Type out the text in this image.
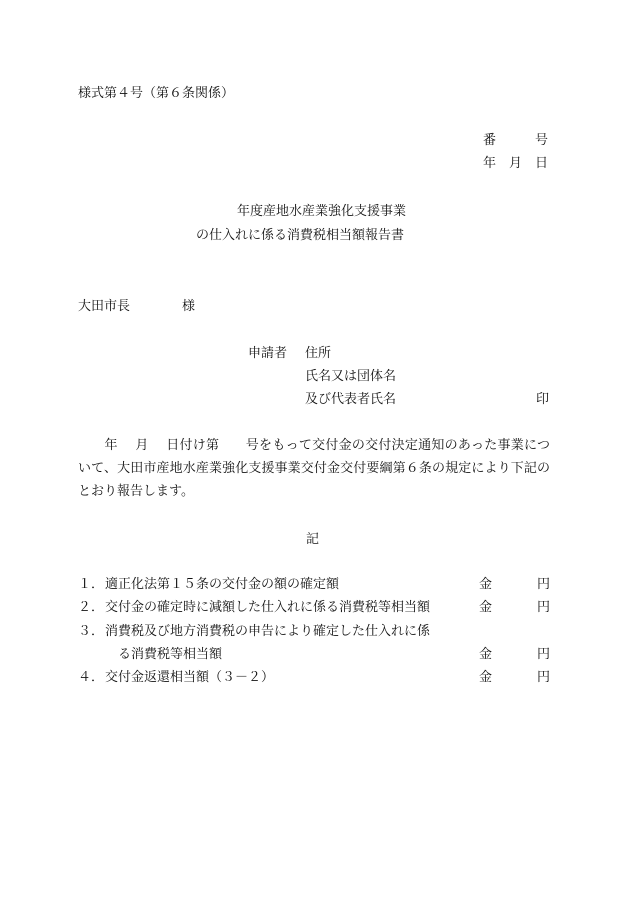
様式第４号（第６条関係）
番　　　号
年　月　日
年度産地水産業強化支援事業
の仕入れに係る消費税相当額報告書
大田市長　　　　様
申請者 住所
氏名又は団体名
及び代表者氏名	印

　　年　 月　 日付け第　　号をもって交付金の交付決定通知のあった事業について、大田市産地水産業強化支援事業交付金交付要綱第６条の規定により下記のとおり報告します。

記
１． 適正化法第１５条の交付金の額の確定額	金	円
２． 交付金の確定時に減額した仕入れに係る消費税等相当額	金	円
３． 消費税及び地方消費税の申告により確定した仕入れに係
る消費税等相当額	金	円
４． 交付金返還相当額（３－２）	金	円
